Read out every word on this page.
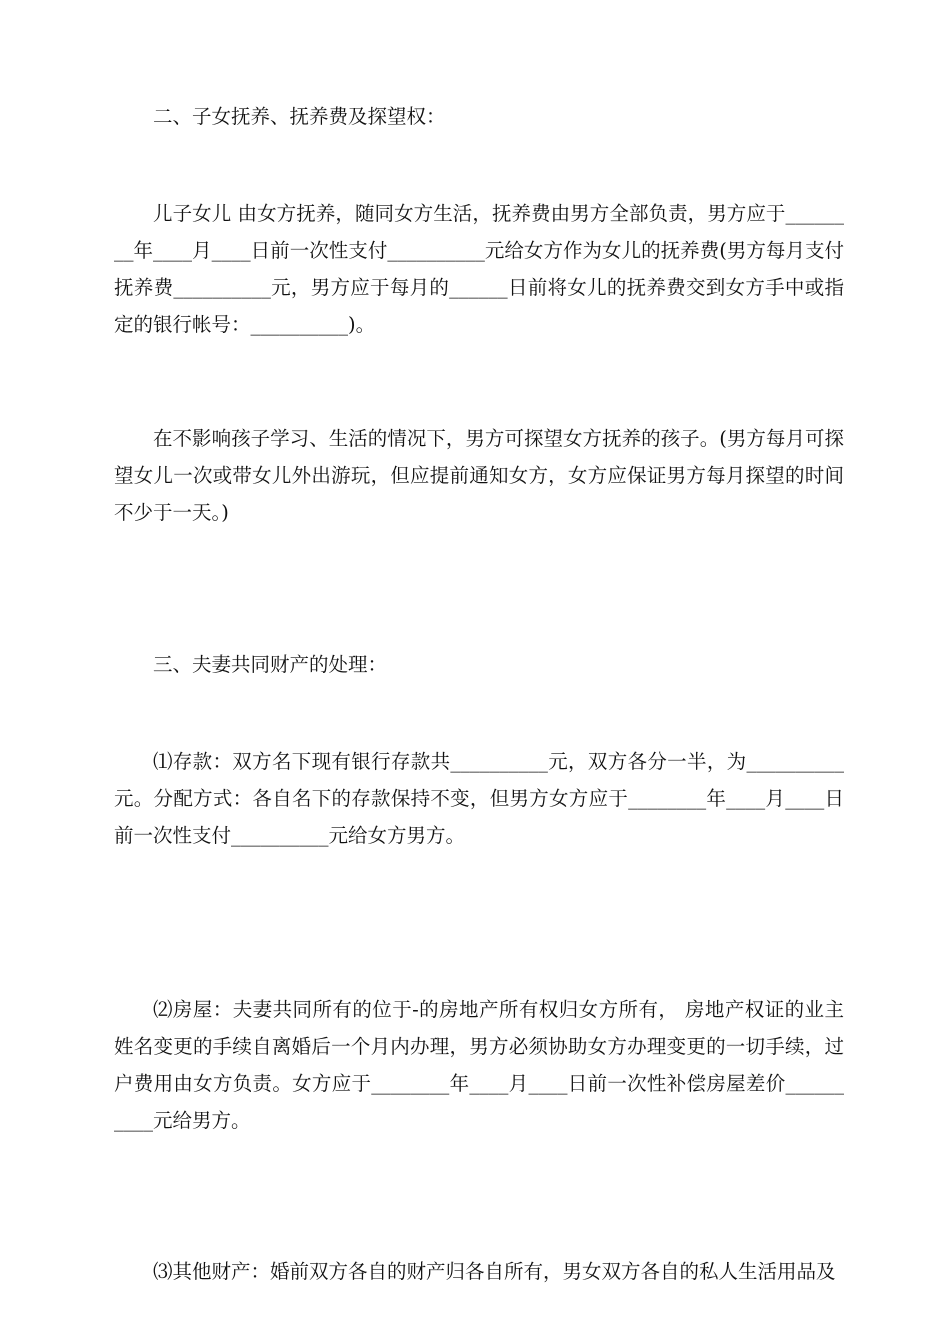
二、子女抚养、抚养费及探望权：
儿子女儿 由女方抚养，随同女方生活，抚养费由男方全部负责，男方应于________年____月____日前一次性支付__________元给女方作为女儿的抚养费(男方每月支付抚养费__________元，男方应于每月的______日前将女儿的抚养费交到女方手中或指定的银行帐号：__________)。
在不影响孩子学习、生活的情况下，男方可探望女方抚养的孩子。(男方每月可探望女儿一次或带女儿外出游玩，但应提前通知女方，女方应保证男方每月探望的时间不少于一天。)
三、夫妻共同财产的处理：
⑴存款：双方名下现有银行存款共__________元，双方各分一半，为__________元。分配方式：各自名下的存款保持不变，但男方女方应于________年____月____日前一次性支付__________元给女方男方。
⑵房屋：夫妻共同所有的位于-的房地产所有权归女方所有， 房地产权证的业主姓名变更的手续自离婚后一个月内办理，男方必须协助女方办理变更的一切手续，过户费用由女方负责。女方应于________年____月____日前一次性补偿房屋差价__________元给男方。
⑶其他财产：婚前双方各自的财产归各自所有，男女双方各自的私人生活用品及
